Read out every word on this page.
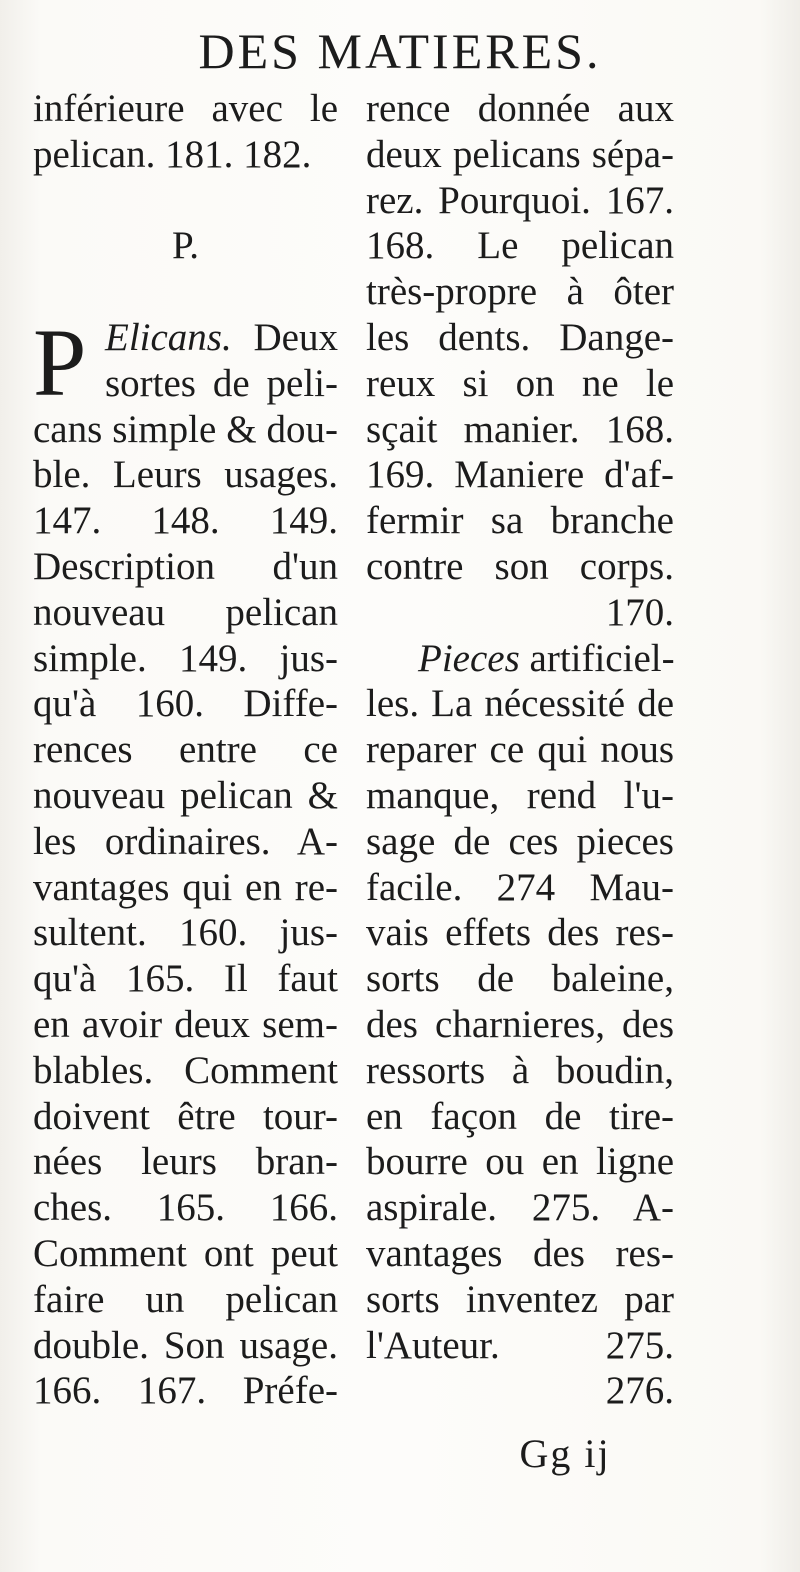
DES MATIERES.
inférieure avec le
pelican. 181. 182.
P.
P Elicans. Deux
sortes de peli-
cans simple & dou-
ble. Leurs usages.
147. 148. 149.
Description d'un
nouveau pelican
simple. 149. jus-
qu'à 160. Diffe-
rences entre ce
nouveau pelican &
les ordinaires. A-
vantages qui en re-
sultent. 160. jus-
qu'à 165. Il faut
en avoir deux sem-
blables. Comment
doivent être tour-
nées leurs bran-
ches. 165. 166.
Comment ont peut
faire un pelican
double. Son usage.
166. 167. Préfe-
rence donnée aux
deux pelicans sépa-
rez. Pourquoi. 167.
168. Le pelican
très-propre à ôter
les dents. Dange-
reux si on ne le
sçait manier. 168.
169. Maniere d'af-
fermir sa branche
contre son corps.
170.
Pieces artificiel-
les. La nécessité de
reparer ce qui nous
manque, rend l'u-
sage de ces pieces
facile. 274 Mau-
vais effets des res-
sorts de baleine,
des charnieres, des
ressorts à boudin,
en façon de tire-
bourre ou en ligne
aspirale. 275. A-
vantages des res-
sorts inventez par
l'Auteur.	275.
276.
Gg ij
